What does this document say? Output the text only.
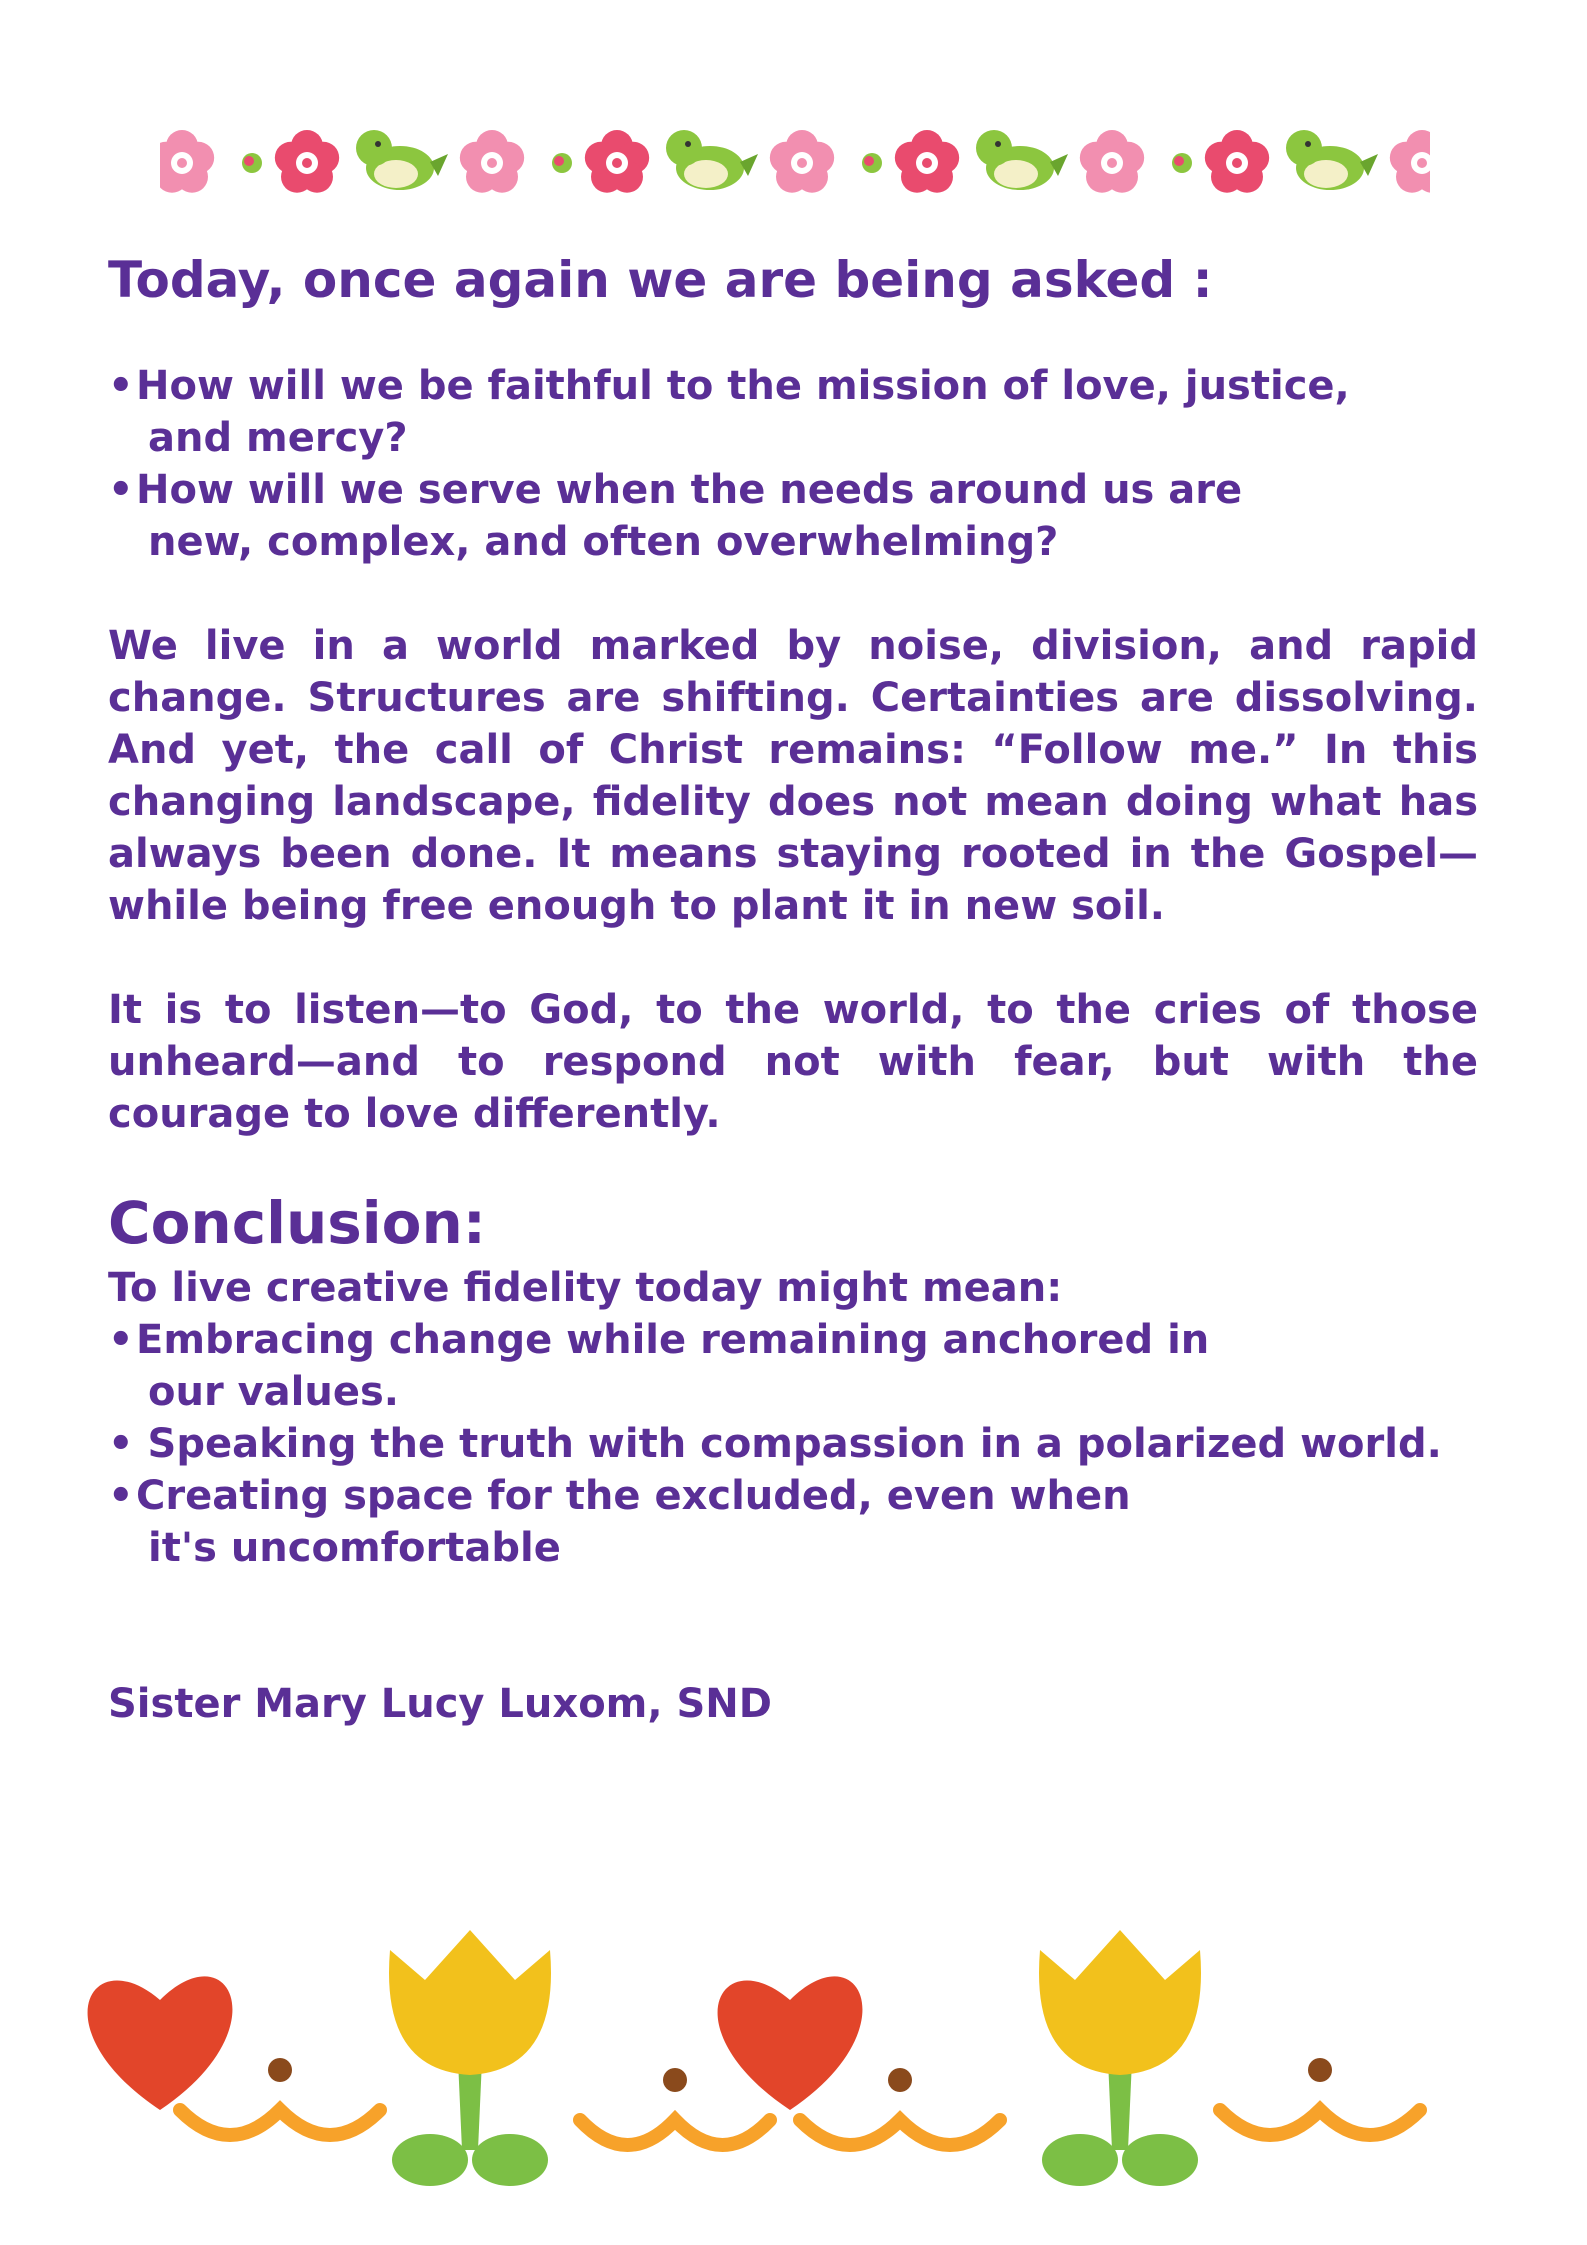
Today, once again we are being asked :
•How will we be faithful to the mission of love, justice,
and mercy?
•How will we serve when the needs around us are
new, complex, and often overwhelming?

We live in a world marked by noise, division, and rapid change. Structures are shifting. Certainties are dissolving. And yet, the call of Christ remains: “Follow me.” In this changing landscape, fidelity does not mean doing what has always been done. It means staying rooted in the Gospel—while being free enough to plant it in new soil.

It is to listen—to God, to the world, to the cries of those unheard—and to respond not with fear, but with the courage to love differently.

Conclusion:
To live creative fidelity today might mean:
•Embracing change while remaining anchored in
our values.
• Speaking the truth with compassion in a polarized world.
•Creating space for the excluded, even when
it's uncomfortable
Sister Mary Lucy Luxom, SND
